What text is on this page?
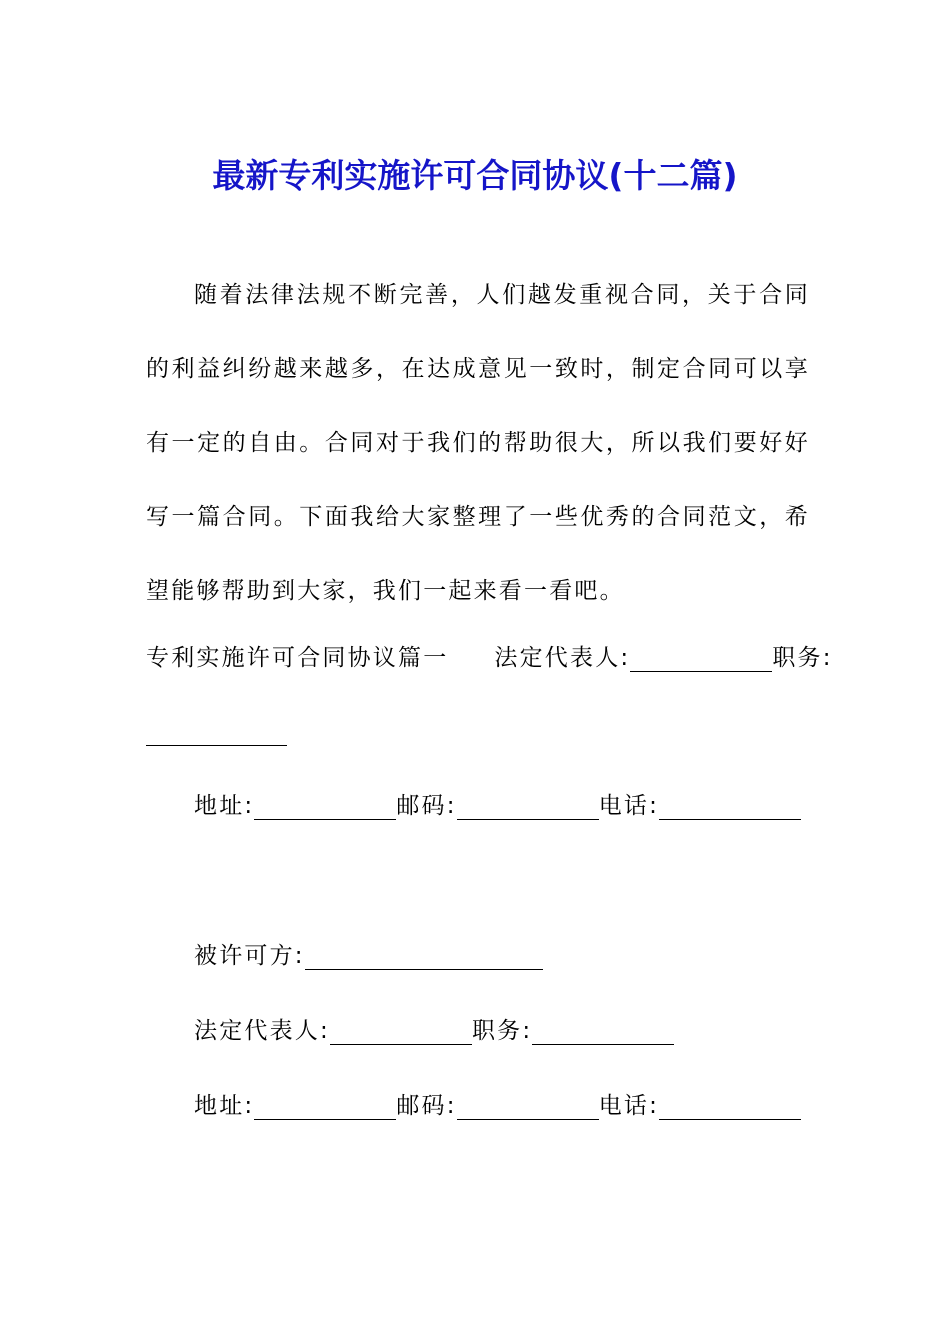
最新专利实施许可合同协议(十二篇)

随着法律法规不断完善，人们越发重视合同，关于合同的利益纠纷越来越多，在达成意见一致时，制定合同可以享有一定的自由。合同对于我们的帮助很大，所以我们要好好写一篇合同。下面我给大家整理了一些优秀的合同范文，希望能够帮助到大家，我们一起来看一看吧。

专利实施许可合同协议篇一 法定代表人:	职务:
地址:	邮码:	电话:
被许可方:
法定代表人:	职务:
地址:	邮码:	电话:
